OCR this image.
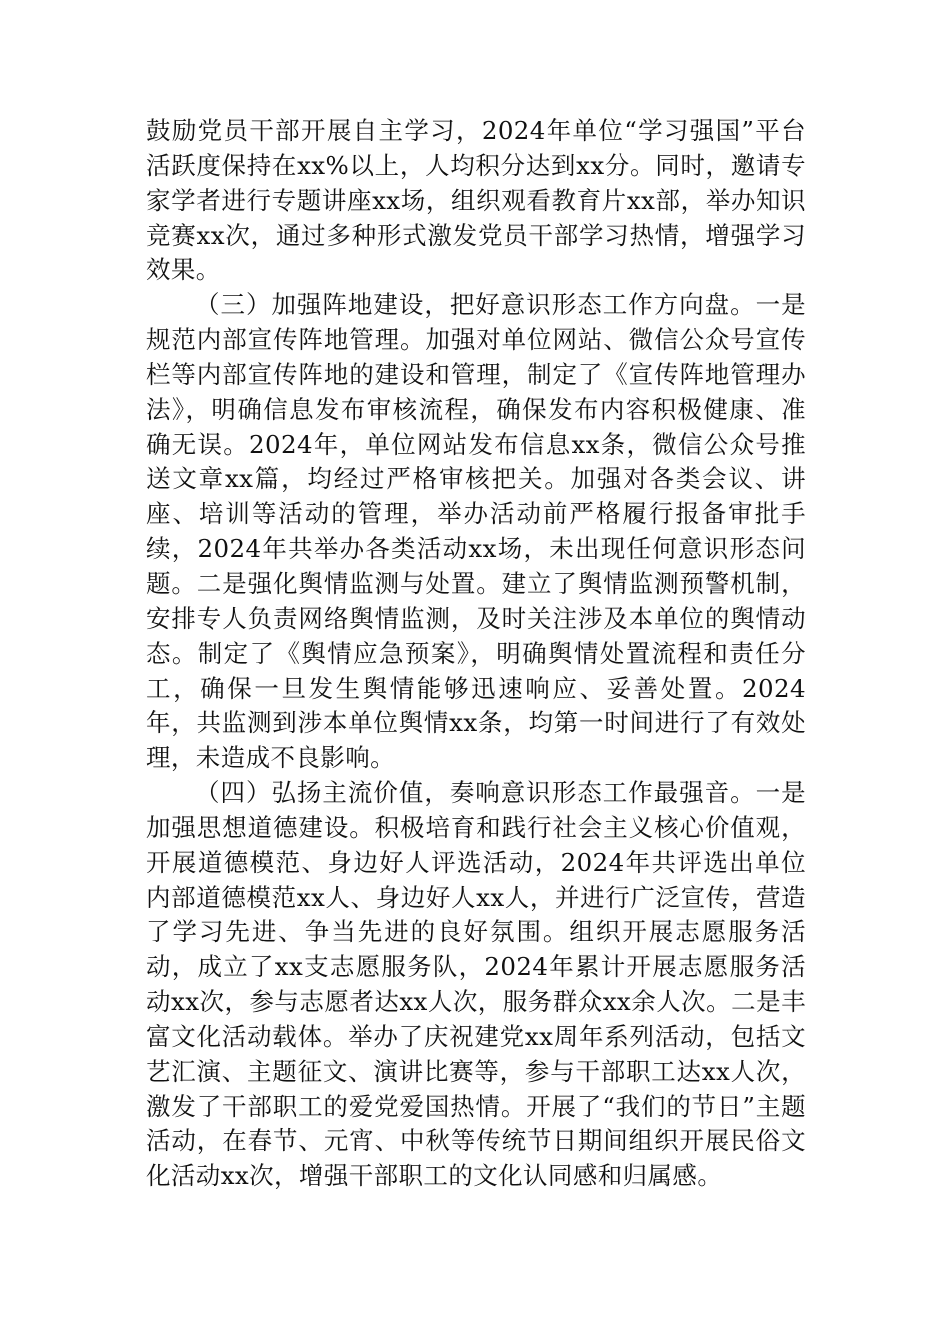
鼓励党员干部开展自主学习，2024年单位“学习强国”平台活跃度保持在xx%以上，人均积分达到xx分。同时，邀请专家学者进行专题讲座xx场，组织观看教育片xx部，举办知识竞赛xx次，通过多种形式激发党员干部学习热情，增强学习效果。

（三）加强阵地建设，把好意识形态工作方向盘。一是规范内部宣传阵地管理。加强对单位网站、微信公众号宣传栏等内部宣传阵地的建设和管理，制定了《宣传阵地管理办法》，明确信息发布审核流程，确保发布内容积极健康、准确无误。2024年，单位网站发布信息xx条，微信公众号推送文章xx篇，均经过严格审核把关。加强对各类会议、讲座、培训等活动的管理，举办活动前严格履行报备审批手续，2024年共举办各类活动xx场，未出现任何意识形态问题。二是强化舆情监测与处置。建立了舆情监测预警机制，安排专人负责网络舆情监测，及时关注涉及本单位的舆情动态。制定了《舆情应急预案》，明确舆情处置流程和责任分工，确保一旦发生舆情能够迅速响应、妥善处置。2024年，共监测到涉本单位舆情xx条，均第一时间进行了有效处理，未造成不良影响。

（四）弘扬主流价值，奏响意识形态工作最强音。一是加强思想道德建设。积极培育和践行社会主义核心价值观，开展道德模范、身边好人评选活动，2024年共评选出单位内部道德模范xx人、身边好人xx人，并进行广泛宣传，营造了学习先进、争当先进的良好氛围。组织开展志愿服务活动，成立了xx支志愿服务队，2024年累计开展志愿服务活动xx次，参与志愿者达xx人次，服务群众xx余人次。二是丰富文化活动载体。举办了庆祝建党xx周年系列活动，包括文艺汇演、主题征文、演讲比赛等，参与干部职工达xx人次，激发了干部职工的爱党爱国热情。开展了“我们的节日”主题活动，在春节、元宵、中秋等传统节日期间组织开展民俗文化活动xx次，增强干部职工的文化认同感和归属感。
